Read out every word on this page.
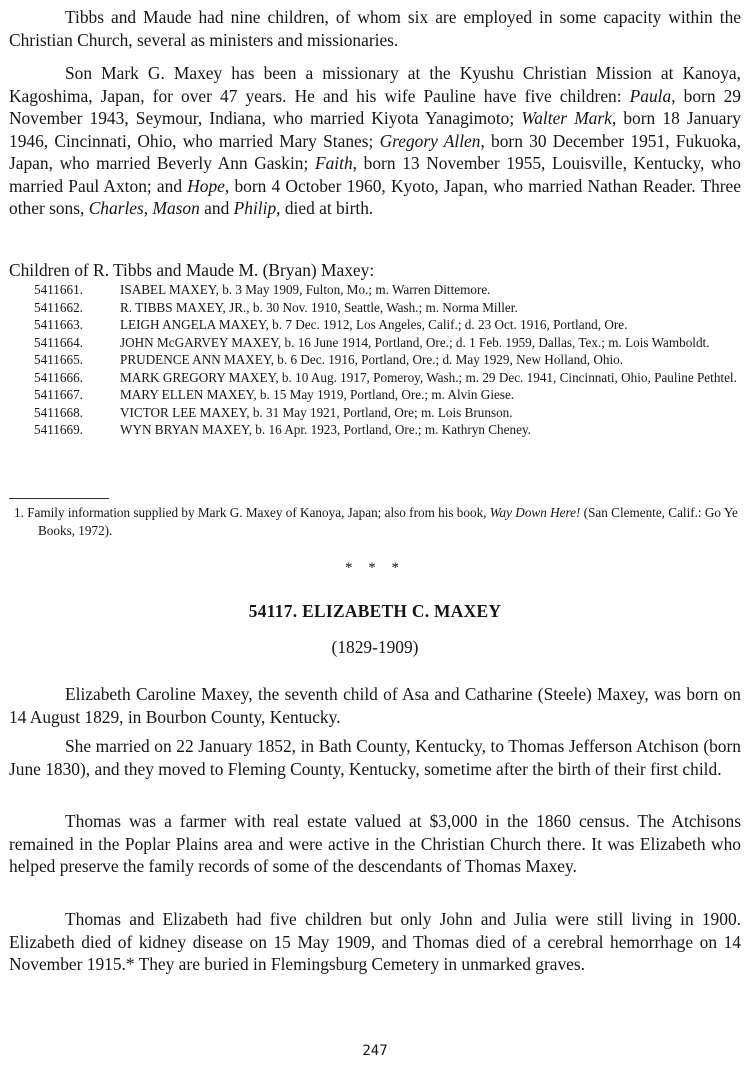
Tibbs and Maude had nine children, of whom six are employed in some capacity within the Christian Church, several as ministers and missionaries.

Son Mark G. Maxey has been a missionary at the Kyushu Christian Mission at Kanoya, Kagoshima, Japan, for over 47 years. He and his wife Pauline have five children: Paula, born 29 November 1943, Seymour, Indiana, who married Kiyota Yanagimoto; Walter Mark, born 18 January 1946, Cincinnati, Ohio, who married Mary Stanes; Gregory Allen, born 30 December 1951, Fukuoka, Japan, who married Beverly Ann Gaskin; Faith, born 13 November 1955, Louisville, Kentucky, who married Paul Axton; and Hope, born 4 October 1960, Kyoto, Japan, who married Nathan Reader. Three other sons, Charles, Mason and Philip, died at birth.

Children of R. Tibbs and Maude M. (Bryan) Maxey:
5411661.	ISABEL MAXEY, b. 3 May 1909, Fulton, Mo.; m. Warren Dittemore.
5411662.	R. TIBBS MAXEY, JR., b. 30 Nov. 1910, Seattle, Wash.; m. Norma Miller.
5411663.	LEIGH ANGELA MAXEY, b. 7 Dec. 1912, Los Angeles, Calif.; d. 23 Oct. 1916, Portland, Ore.
5411664.	JOHN McGARVEY MAXEY, b. 16 June 1914, Portland, Ore.; d. 1 Feb. 1959, Dallas, Tex.; m. Lois Wamboldt.
5411665.	PRUDENCE ANN MAXEY, b. 6 Dec. 1916, Portland, Ore.; d. May 1929, New Holland, Ohio.
5411666.	MARK GREGORY MAXEY, b. 10 Aug. 1917, Pomeroy, Wash.; m. 29 Dec. 1941, Cincinnati, Ohio, Pauline Pethtel.
5411667.	MARY ELLEN MAXEY, b. 15 May 1919, Portland, Ore.; m. Alvin Giese.
5411668.	VICTOR LEE MAXEY, b. 31 May 1921, Portland, Ore; m. Lois Brunson.
5411669.	WYN BRYAN MAXEY, b. 16 Apr. 1923, Portland, Ore.; m. Kathryn Cheney.
1. Family information supplied by Mark G. Maxey of Kanoya, Japan; also from his book, Way Down Here! (San Clemente, Calif.: Go Ye Books, 1972).
* * *
54117. ELIZABETH C. MAXEY
(1829-1909)

Elizabeth Caroline Maxey, the seventh child of Asa and Catharine (Steele) Maxey, was born on 14 August 1829, in Bourbon County, Kentucky.

She married on 22 January 1852, in Bath County, Kentucky, to Thomas Jefferson Atchison (born June 1830), and they moved to Fleming County, Kentucky, sometime after the birth of their first child.

Thomas was a farmer with real estate valued at $3,000 in the 1860 census. The Atchisons remained in the Poplar Plains area and were active in the Christian Church there. It was Elizabeth who helped preserve the family records of some of the descendants of Thomas Maxey.

Thomas and Elizabeth had five children but only John and Julia were still living in 1900. Elizabeth died of kidney disease on 15 May 1909, and Thomas died of a cerebral hemorrhage on 14 November 1915.* They are buried in Flemingsburg Cemetery in unmarked graves.

247
